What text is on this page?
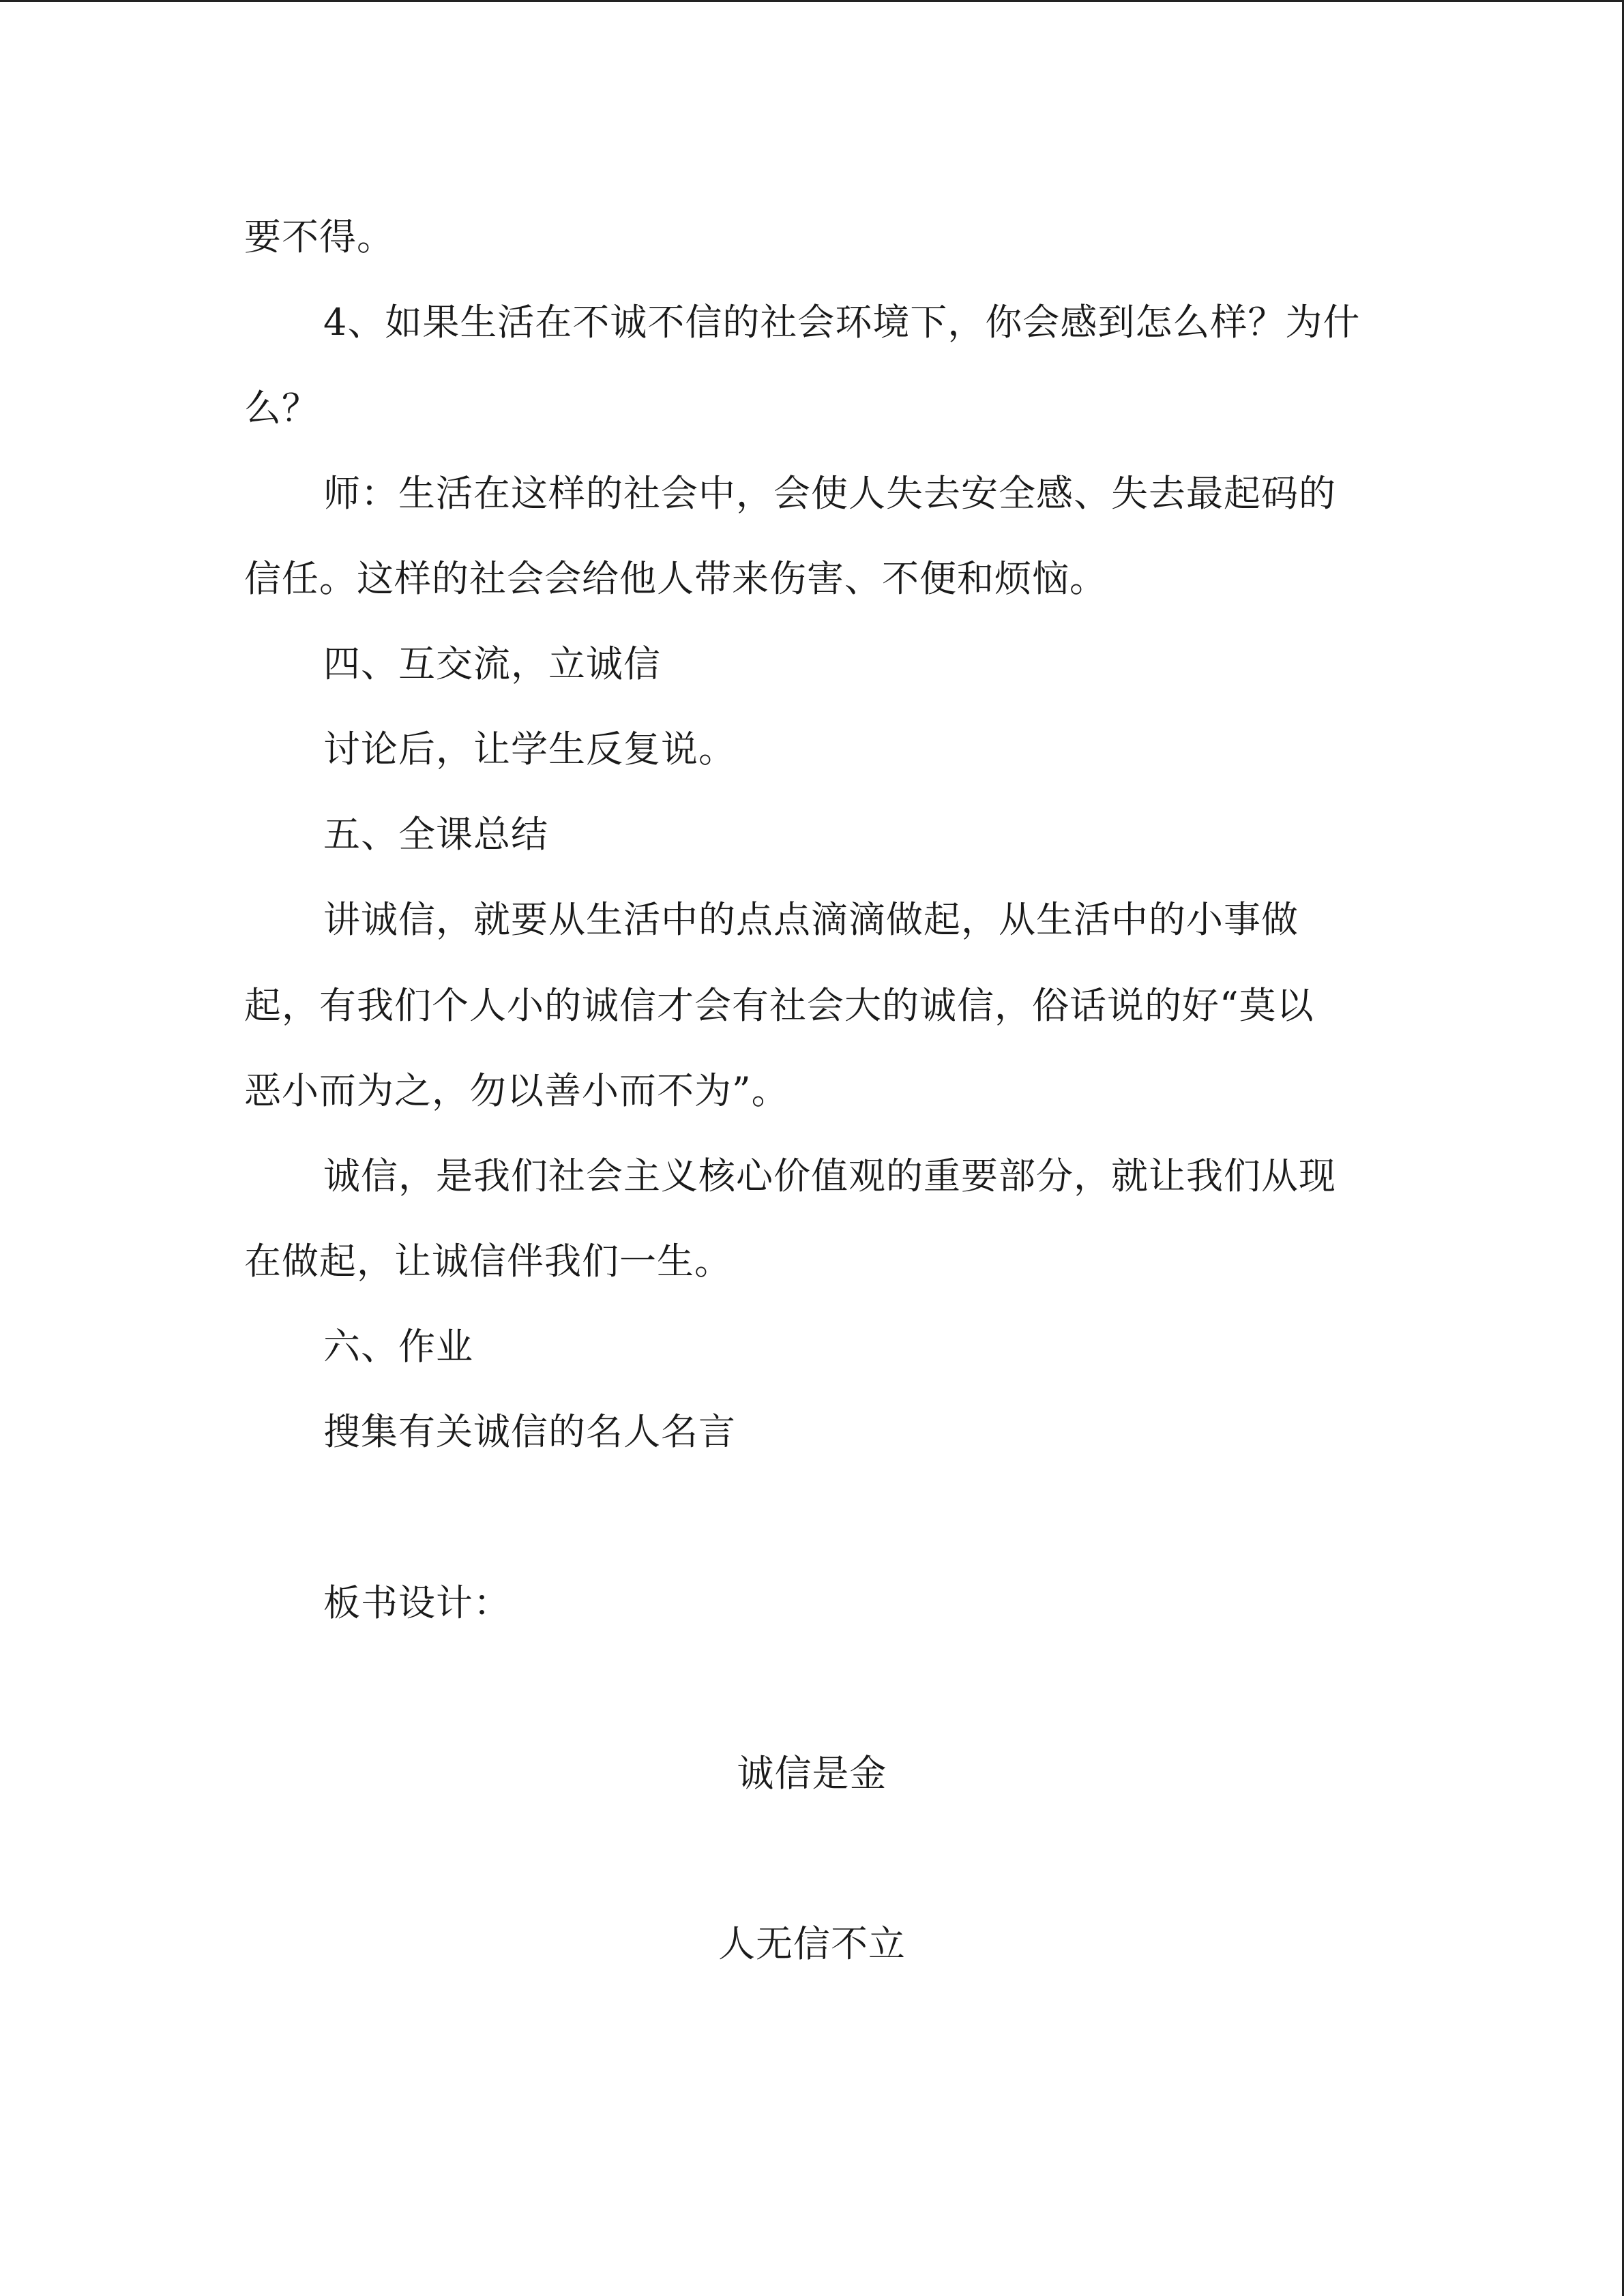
要不得。
4、如果生活在不诚不信的社会环境下，你会感到怎么样？为什
么？
师：生活在这样的社会中，会使人失去安全感、失去最起码的
信任。这样的社会会给他人带来伤害、不便和烦恼。
四、互交流，立诚信
讨论后，让学生反复说。
五、全课总结
讲诚信，就要从生活中的点点滴滴做起，从生活中的小事做
起，有我们个人小的诚信才会有社会大的诚信，俗话说的好“莫以
恶小而为之，勿以善小而不为”。
诚信，是我们社会主义核心价值观的重要部分，就让我们从现
在做起，让诚信伴我们一生。
六、作业
搜集有关诚信的名人名言
板书设计：
诚信是金
人无信不立
